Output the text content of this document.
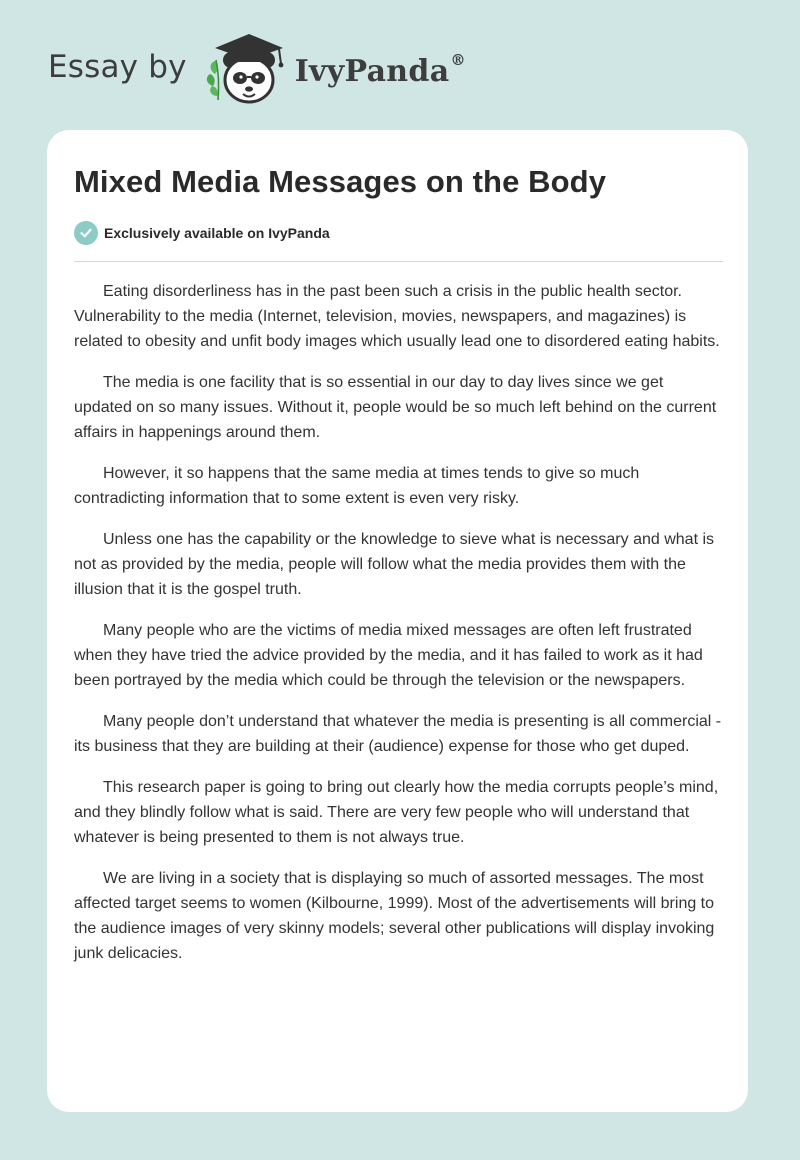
Essay by	IvyPanda®
Mixed Media Messages on the Body
Exclusively available on IvyPanda

Eating disorderliness has in the past been such a crisis in the public health sector. Vulnerability to the media (Internet, television, movies, newspapers, and magazines) is related to obesity and unfit body images which usually lead one to disordered eating habits.

The media is one facility that is so essential in our day to day lives since we get updated on so many issues. Without it, people would be so much left behind on the current affairs in happenings around them.

However, it so happens that the same media at times tends to give so much contradicting information that to some extent is even very risky.

Unless one has the capability or the knowledge to sieve what is necessary and what is not as provided by the media, people will follow what the media provides them with the illusion that it is the gospel truth.

Many people who are the victims of media mixed messages are often left frustrated when they have tried the advice provided by the media, and it has failed to work as it had been portrayed by the media which could be through the television or the newspapers.

Many people don’t understand that whatever the media is presenting is all commercial - its business that they are building at their (audience) expense for those who get duped.

This research paper is going to bring out clearly how the media corrupts people’s mind, and they blindly follow what is said. There are very few people who will understand that whatever is being presented to them is not always true.

We are living in a society that is displaying so much of assorted messages. The most affected target seems to women (Kilbourne, 1999). Most of the advertisements will bring to the audience images of very skinny models; several other publications will display invoking junk delicacies.
